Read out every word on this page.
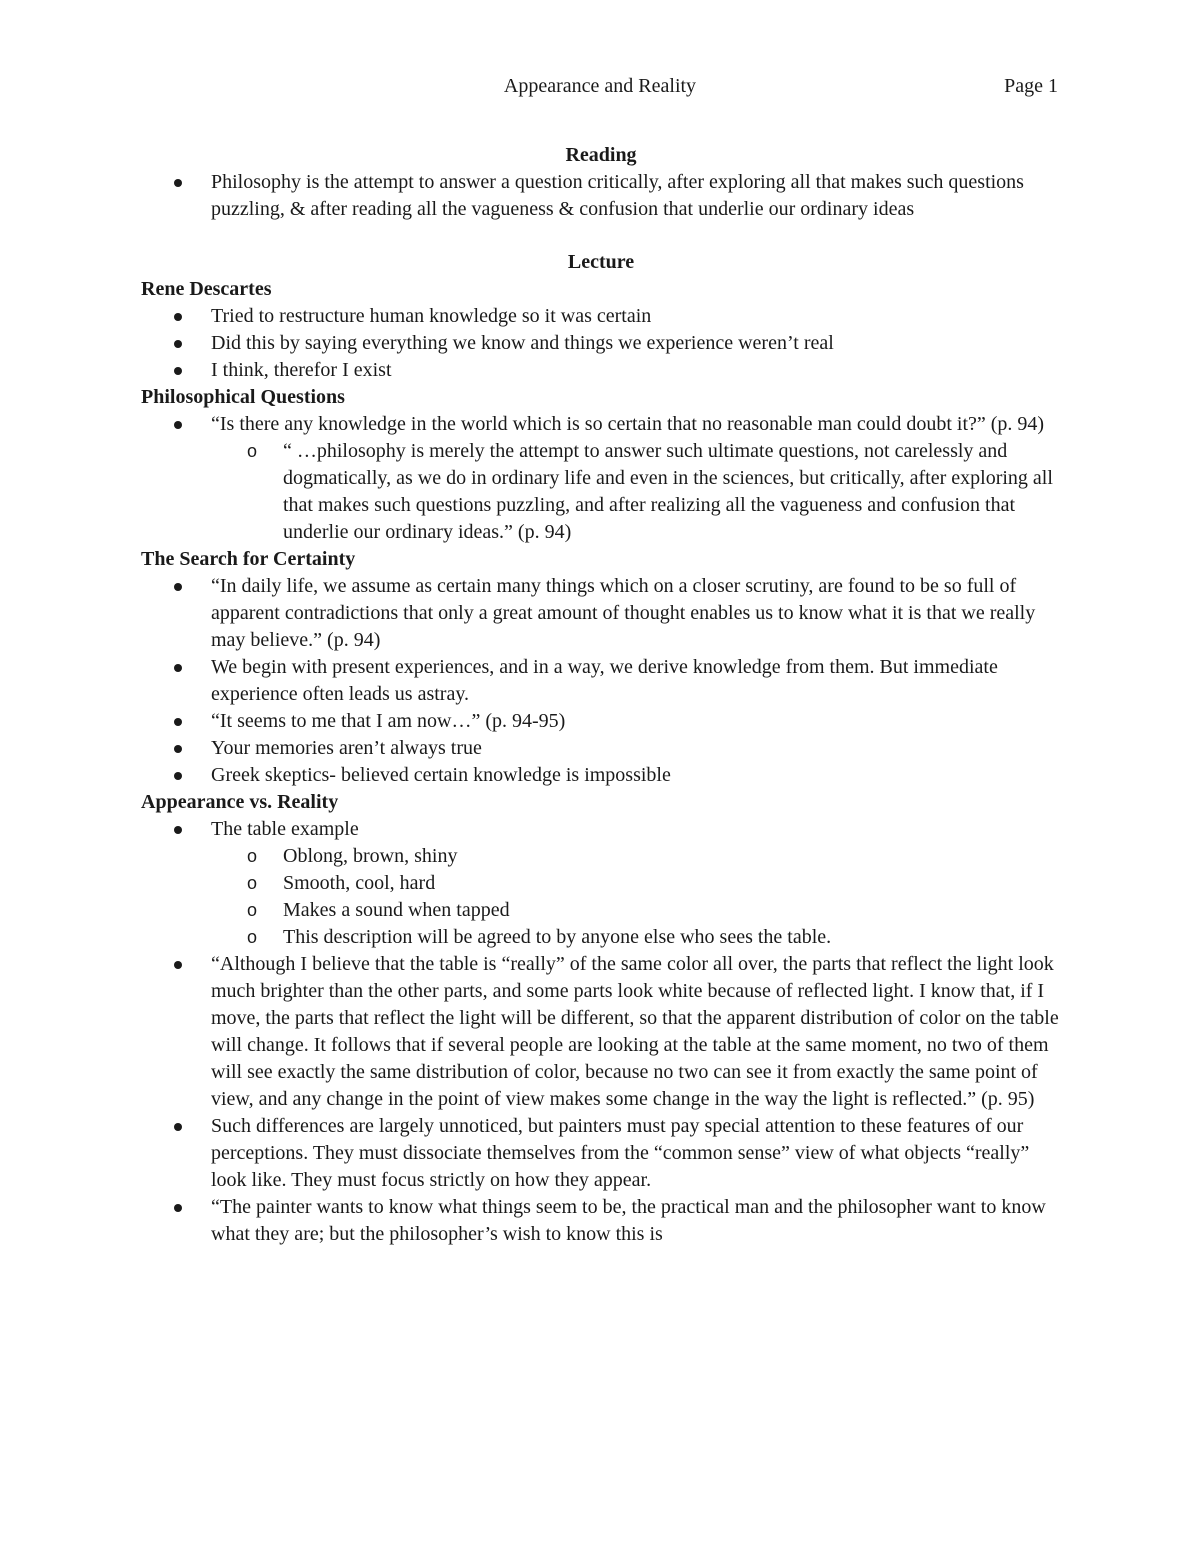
Appearance and Reality	Page 1

Reading

Philosophy is the attempt to answer a question critically, after exploring all that makes such questions puzzling, & after reading all the vagueness & confusion that underlie our ordinary ideas

Lecture

Rene Descartes

Tried to restructure human knowledge so it was certain
Did this by saying everything we know and things we experience weren’t real
I think, therefor I exist

Philosophical Questions

“Is there any knowledge in the world which is so certain that no reasonable man could doubt it?” (p. 94)
o “ …philosophy is merely the attempt to answer such ultimate questions, not carelessly and dogmatically, as we do in ordinary life and even in the sciences, but critically, after exploring all that makes such questions puzzling, and after realizing all the vagueness and confusion that underlie our ordinary ideas.” (p. 94)

The Search for Certainty

“In daily life, we assume as certain many things which on a closer scrutiny, are found to be so full of apparent contradictions that only a great amount of thought enables us to know what it is that we really may believe.” (p. 94)
We begin with present experiences, and in a way, we derive knowledge from them. But immediate experience often leads us astray.
“It seems to me that I am now…” (p. 94-95)
Your memories aren’t always true
Greek skeptics- believed certain knowledge is impossible

Appearance vs. Reality

The table example
o Oblong, brown, shiny
o Smooth, cool, hard
o Makes a sound when tapped
o This description will be agreed to by anyone else who sees the table.
“Although I believe that the table is “really” of the same color all over, the parts that reflect the light look much brighter than the other parts, and some parts look white because of reflected light. I know that, if I move, the parts that reflect the light will be different, so that the apparent distribution of color on the table will change. It follows that if several people are looking at the table at the same moment, no two of them will see exactly the same distribution of color, because no two can see it from exactly the same point of view, and any change in the point of view makes some change in the way the light is reflected.” (p. 95)
Such differences are largely unnoticed, but painters must pay special attention to these features of our perceptions. They must dissociate themselves from the “common sense” view of what objects “really” look like. They must focus strictly on how they appear.
“The painter wants to know what things seem to be, the practical man and the philosopher want to know what they are; but the philosopher’s wish to know this is
